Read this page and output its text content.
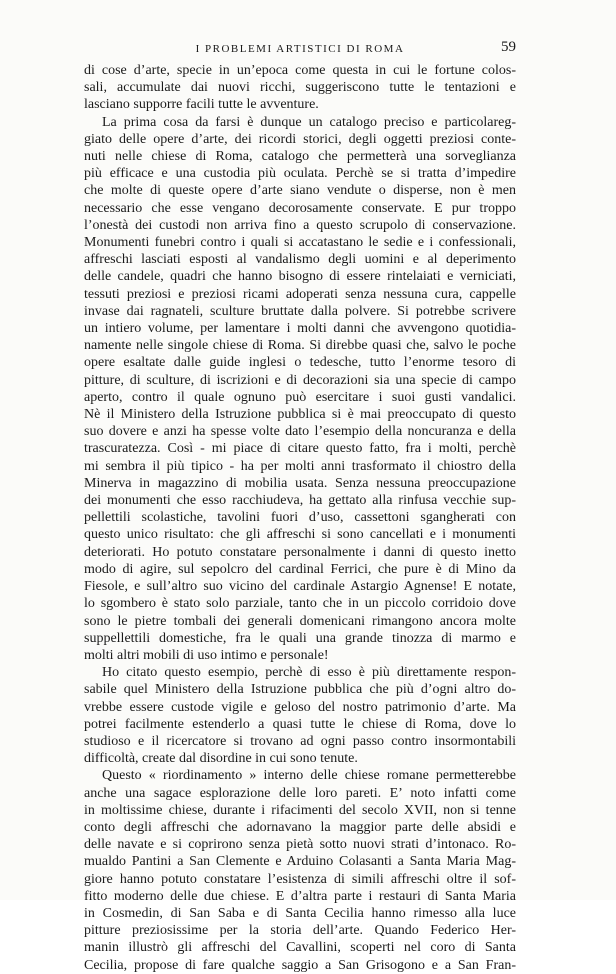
I PROBLEMI ARTISTICI DI ROMA	59
di cose d’arte, specie in un’epoca come questa in cui le fortune colos-
sali, accumulate dai nuovi ricchi, suggeriscono tutte le tentazioni e
lasciano supporre facili tutte le avventure.
La prima cosa da farsi è dunque un catalogo preciso e particolareg-
giato delle opere d’arte, dei ricordi storici, degli oggetti preziosi conte-
nuti nelle chiese di Roma, catalogo che permetterà una sorveglianza
più efficace e una custodia più oculata. Perchè se si tratta d’impedire
che molte di queste opere d’arte siano vendute o disperse, non è men
necessario che esse vengano decorosamente conservate. E pur troppo
l’onestà dei custodi non arriva fino a questo scrupolo di conservazione.
Monumenti funebri contro i quali si accatastano le sedie e i confessionali,
affreschi lasciati esposti al vandalismo degli uomini e al deperimento
delle candele, quadri che hanno bisogno di essere rintelaiati e verniciati,
tessuti preziosi e preziosi ricami adoperati senza nessuna cura, cappelle
invase dai ragnateli, sculture bruttate dalla polvere. Si potrebbe scrivere
un intiero volume, per lamentare i molti danni che avvengono quotidia-
namente nelle singole chiese di Roma. Si direbbe quasi che, salvo le poche
opere esaltate dalle guide inglesi o tedesche, tutto l’enorme tesoro di
pitture, di sculture, di iscrizioni e di decorazioni sia una specie di campo
aperto, contro il quale ognuno può esercitare i suoi gusti vandalici.
Nè il Ministero della Istruzione pubblica si è mai preoccupato di questo
suo dovere e anzi ha spesse volte dato l’esempio della noncuranza e della
trascuratezza. Così - mi piace di citare questo fatto, fra i molti, perchè
mi sembra il più tipico - ha per molti anni trasformato il chiostro della
Minerva in magazzino di mobilia usata. Senza nessuna preoccupazione
dei monumenti che esso racchiudeva, ha gettato alla rinfusa vecchie sup-
pellettili scolastiche, tavolini fuori d’uso, cassettoni sgangherati con
questo unico risultato: che gli affreschi si sono cancellati e i monumenti
deteriorati. Ho potuto constatare personalmente i danni di questo inetto
modo di agire, sul sepolcro del cardinal Ferrici, che pure è di Mino da
Fiesole, e sull’altro suo vicino del cardinale Astargio Agnense! E notate,
lo sgombero è stato solo parziale, tanto che in un piccolo corridoio dove
sono le pietre tombali dei generali domenicani rimangono ancora molte
suppellettili domestiche, fra le quali una grande tinozza di marmo e
molti altri mobili di uso intimo e personale!
Ho citato questo esempio, perchè di esso è più direttamente respon-
sabile quel Ministero della Istruzione pubblica che più d’ogni altro do-
vrebbe essere custode vigile e geloso del nostro patrimonio d’arte. Ma
potrei facilmente estenderlo a quasi tutte le chiese di Roma, dove lo
studioso e il ricercatore si trovano ad ogni passo contro insormontabili
difficoltà, create dal disordine in cui sono tenute.
Questo « riordinamento » interno delle chiese romane permetterebbe
anche una sagace esplorazione delle loro pareti. E’ noto infatti come
in moltissime chiese, durante i rifacimenti del secolo XVII, non si tenne
conto degli affreschi che adornavano la maggior parte delle absidi e
delle navate e si coprirono senza pietà sotto nuovi strati d’intonaco. Ro-
mualdo Pantini a San Clemente e Arduino Colasanti a Santa Maria Mag-
giore hanno potuto constatare l’esistenza di simili affreschi oltre il sof-
fitto moderno delle due chiese. E d’altra parte i restauri di Santa Maria
in Cosmedin, di San Saba e di Santa Cecilia hanno rimesso alla luce
pitture preziosissime per la storia dell’arte. Quando Federico Her-
manin illustrò gli affreschi del Cavallini, scoperti nel coro di Santa
Cecilia, propose di fare qualche saggio a San Grisogono e a San Fran-
